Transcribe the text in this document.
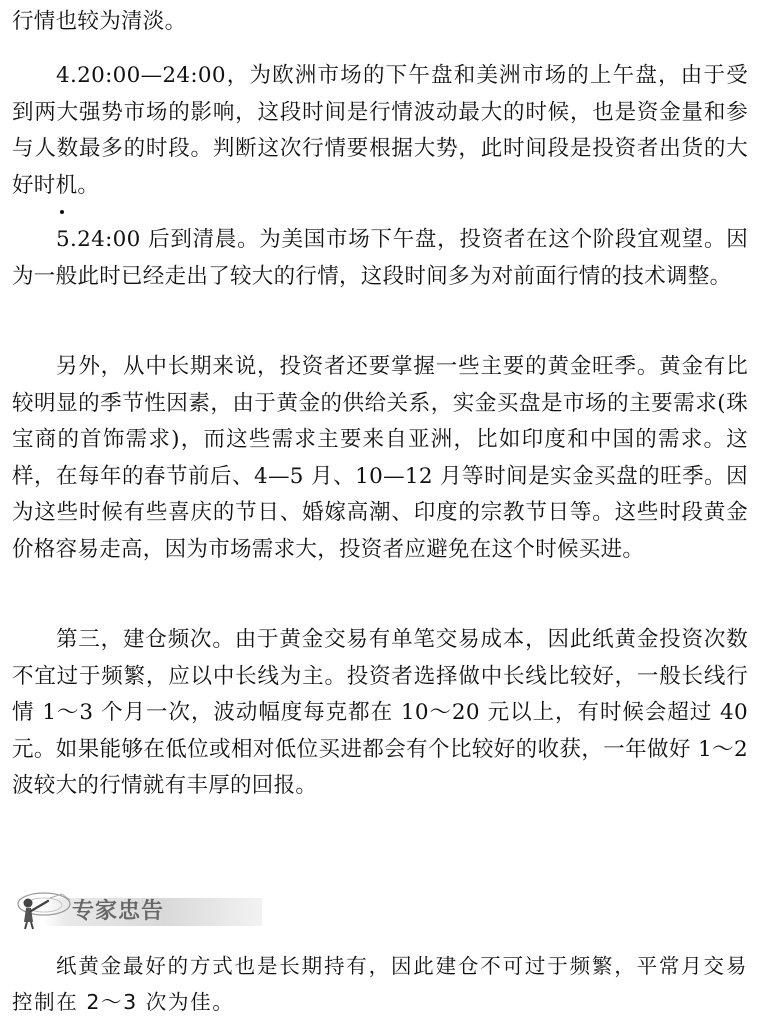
行情也较为清淡。

4.20:00—24:00，为欧洲市场的下午盘和美洲市场的上午盘，由于受到两大强势市场的影响，这段时间是行情波动最大的时候，也是资金量和参与人数最多的时段。判断这次行情要根据大势，此时间段是投资者出货的大好时机。

5.24:00 后到清晨。为美国市场下午盘，投资者在这个阶段宜观望。因为一般此时已经走出了较大的行情，这段时间多为对前面行情的技术调整。

另外，从中长期来说，投资者还要掌握一些主要的黄金旺季。黄金有比较明显的季节性因素，由于黄金的供给关系，实金买盘是市场的主要需求(珠宝商的首饰需求)，而这些需求主要来自亚洲，比如印度和中国的需求。这样，在每年的春节前后、4—5 月、10—12 月等时间是实金买盘的旺季。因为这些时候有些喜庆的节日、婚嫁高潮、印度的宗教节日等。这些时段黄金价格容易走高，因为市场需求大，投资者应避免在这个时候买进。

第三，建仓频次。由于黄金交易有单笔交易成本，因此纸黄金投资次数不宜过于频繁，应以中长线为主。投资者选择做中长线比较好，一般长线行情 1～3 个月一次，波动幅度每克都在 10～20 元以上，有时候会超过 40 元。如果能够在低位或相对低位买进都会有个比较好的收获，一年做好 1～2 波较大的行情就有丰厚的回报。

专家忠告

纸黄金最好的方式也是长期持有，因此建仓不可过于频繁，平常月交易控制在 2～3 次为佳。
